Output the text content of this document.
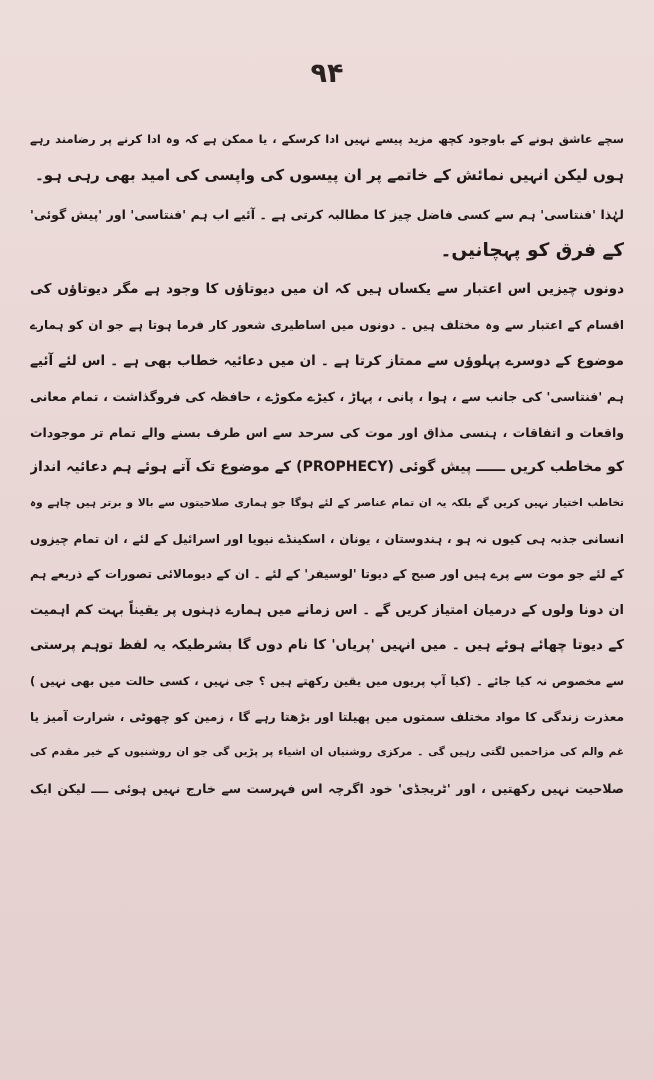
۹۴
سچے عاشق ہونے کے باوجود کچھ مزید پیسے نہیں ادا کرسکے ، یا ممکن ہے کہ وہ ادا کرنے پر رضامند رہے
ہوں لیکن انہیں نمائش کے خاتمے پر ان پیسوں کی واپسی کی امید بھی رہی ہو۔
لہٰذا 'فنتاسی' ہم سے کسی فاضل چیز کا مطالبہ کرتی ہے ۔ آئیے اب ہم 'فنتاسی' اور 'پیش گوئی'
کے فرق کو پہچانیں۔
دونوں چیزیں اس اعتبار سے یکساں ہیں کہ ان میں دیوتاؤں کا وجود ہے مگر دیوتاؤں کی
اقسام کے اعتبار سے وہ مختلف ہیں ۔ دونوں میں اساطیری شعور کار فرما ہوتا ہے جو ان کو ہمارے
موضوع کے دوسرے پہلوؤں سے ممتاز کرتا ہے ۔ ان میں دعائیہ خطاب بھی ہے ۔ اس لئے آئیے
ہم 'فنتاسی' کی جانب سے ، ہوا ، پانی ، پہاڑ ، کیڑے مکوڑے ، حافظہ کی فروگذاشت ، تمام معانی
واقعات و اتفاقات ، ہنسی مذاق اور موت کی سرحد سے اس طرف بسنے والے تمام تر موجودات
کو مخاطب کریں ــــــ پیش گوئی (PROPHECY) کے موضوع تک آتے ہوئے ہم دعائیہ انداز
تخاطب اختیار نہیں کریں گے بلکہ یہ ان تمام عناصر کے لئے ہوگا جو ہماری صلاحیتوں سے بالا و برتر ہیں چاہے وہ
انسانی جذبہ ہی کیوں نہ ہو ، ہندوستان ، یونان ، اسکینڈے نیویا اور اسرائیل کے لئے ، ان تمام چیزوں
کے لئے جو موت سے پرے ہیں اور صبح کے دیوتا 'لوسیفر' کے لئے ۔ ان کے دیومالائی تصورات کے ذریعے ہم
ان دونا ولوں کے درمیان امتیاز کریں گے ۔ اس زمانے میں ہمارے ذہنوں پر یقیناً بہت کم اہمیت
کے دیوتا چھائے ہوئے ہیں ۔ میں انہیں 'پریاں' کا نام دوں گا بشرطیکہ یہ لفظ توہم پرستی
سے مخصوص نہ کیا جائے ۔ (کیا آپ پریوں میں یقین رکھتے ہیں ؟ جی نہیں ، کسی حالت میں بھی نہیں )
معذرت زندگی کا مواد مختلف سمتوں میں پھیلتا اور بڑھتا رہے گا ، زمین کو چھوٹی ، شرارت آمیز یا
غم والم کی مزاحمیں لگتی رہیں گی ۔ مرکزی روشنیاں ان اشیاء پر پڑیں گی جو ان روشنیوں کے خیر مقدم کی
صلاحیت نہیں رکھتیں ، اور 'ٹریجڈی' خود اگرچہ اس فہرست سے خارج نہیں ہوئی ــــ لیکن ایک
